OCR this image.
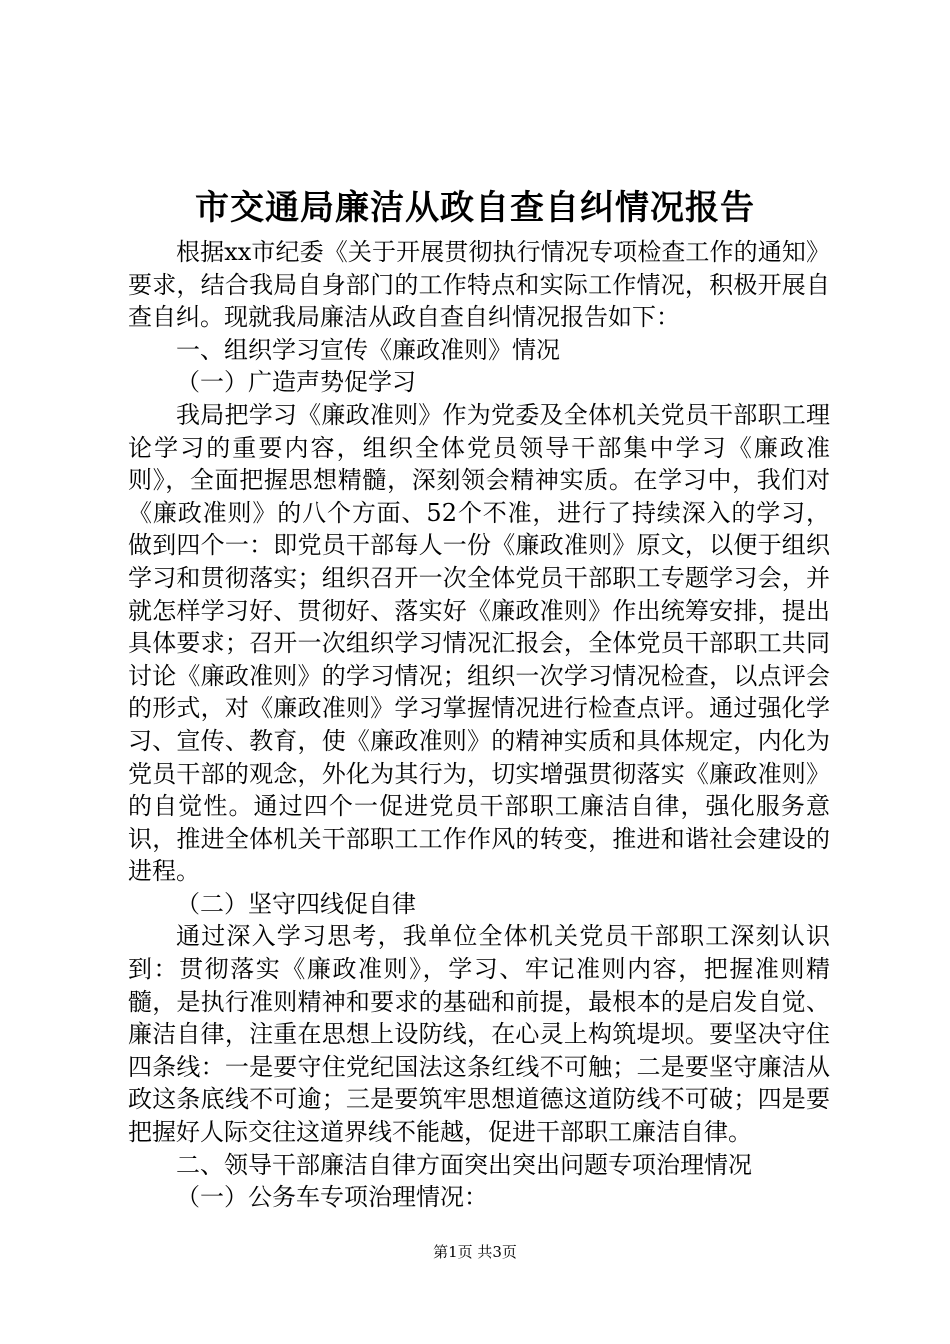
市交通局廉洁从政自查自纠情况报告

根据xx市纪委《关于开展贯彻执行情况专项检查工作的通知》要求，结合我局自身部门的工作特点和实际工作情况，积极开展自查自纠。现就我局廉洁从政自查自纠情况报告如下：

一、组织学习宣传《廉政准则》情况

（一）广造声势促学习

我局把学习《廉政准则》作为党委及全体机关党员干部职工理论学习的重要内容，组织全体党员领导干部集中学习《廉政准则》，全面把握思想精髓，深刻领会精神实质。在学习中，我们对《廉政准则》的八个方面、52个不准，进行了持续深入的学习，做到四个一：即党员干部每人一份《廉政准则》原文，以便于组织学习和贯彻落实；组织召开一次全体党员干部职工专题学习会，并就怎样学习好、贯彻好、落实好《廉政准则》作出统筹安排，提出具体要求；召开一次组织学习情况汇报会，全体党员干部职工共同讨论《廉政准则》的学习情况；组织一次学习情况检查，以点评会的形式，对《廉政准则》学习掌握情况进行检查点评。通过强化学习、宣传、教育，使《廉政准则》的精神实质和具体规定，内化为党员干部的观念，外化为其行为，切实增强贯彻落实《廉政准则》的自觉性。通过四个一促进党员干部职工廉洁自律，强化服务意识，推进全体机关干部职工工作作风的转变，推进和谐社会建设的进程。

（二）坚守四线促自律

通过深入学习思考，我单位全体机关党员干部职工深刻认识到：贯彻落实《廉政准则》，学习、牢记准则内容，把握准则精髓，是执行准则精神和要求的基础和前提，最根本的是启发自觉、廉洁自律，注重在思想上设防线，在心灵上构筑堤坝。要坚决守住四条线：一是要守住党纪国法这条红线不可触；二是要坚守廉洁从政这条底线不可逾；三是要筑牢思想道德这道防线不可破；四是要把握好人际交往这道界线不能越，促进干部职工廉洁自律。

二、领导干部廉洁自律方面突出突出问题专项治理情况

（一）公务车专项治理情况：

第1页 共3页
